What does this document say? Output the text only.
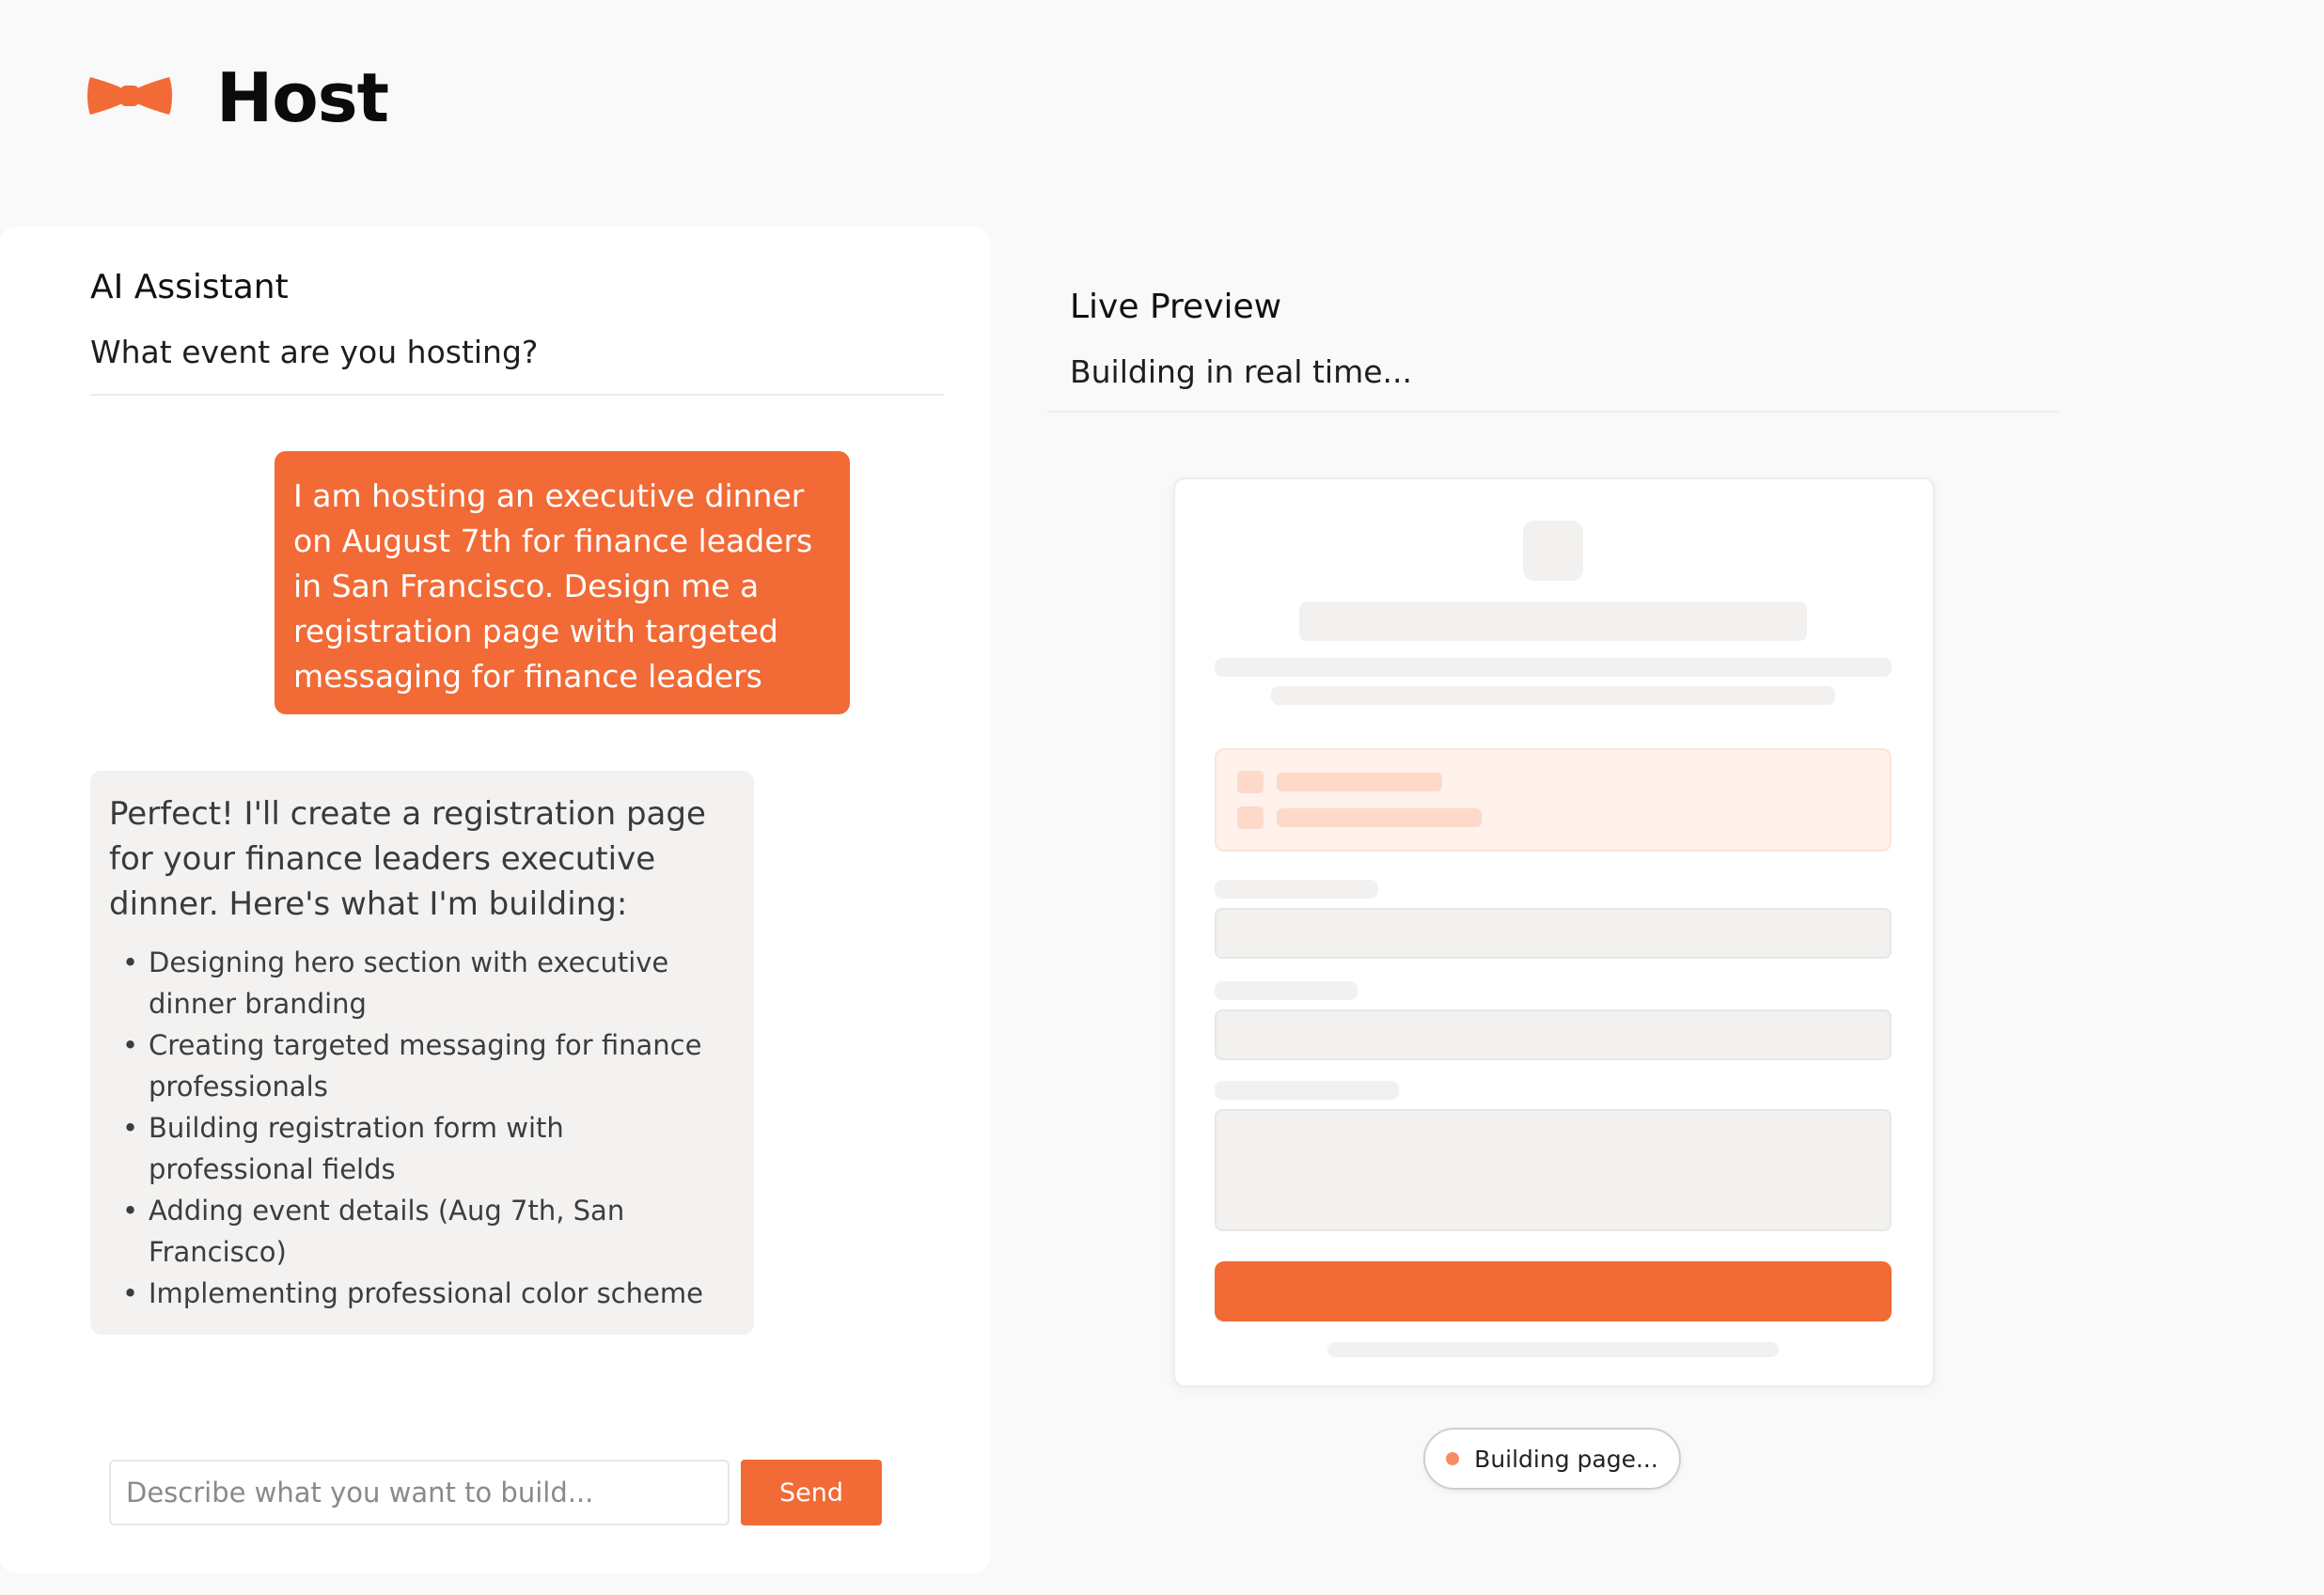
Host
AI Assistant
What event are you hosting?
I am hosting an executive dinner on August 7th for finance leaders in San Francisco. Design me a registration page with targeted messaging for finance leaders

Perfect! I'll create a registration page for your finance leaders executive dinner. Here's what I'm building:

• Designing hero section with executive dinner branding
• Creating targeted messaging for finance professionals
• Building registration form with professional fields
• Adding event details (Aug 7th, San Francisco)
• Implementing professional color scheme
Describe what you want to build...
Send
Live Preview
Building in real time...
Building page...
